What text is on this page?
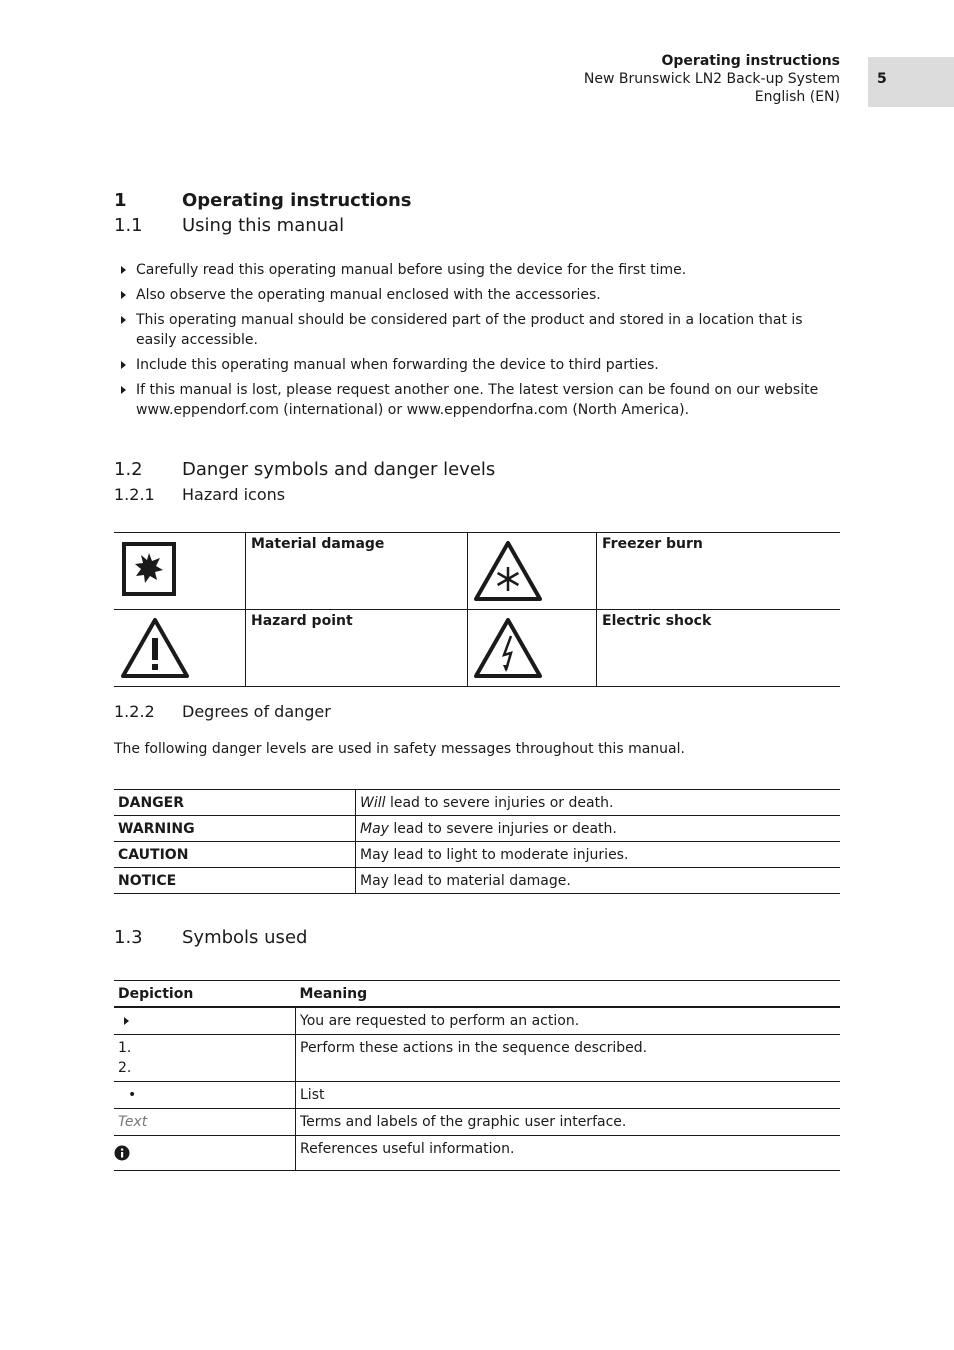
Operating instructions
New Brunswick LN2 Back-up System
English (EN)
5
1	Operating instructions
1.1 Using this manual
Carefully read this operating manual before using the device for the first time.
Also observe the operating manual enclosed with the accessories.
This operating manual should be considered part of the product and stored in a location that is easily accessible.
Include this operating manual when forwarding the device to third parties.
If this manual is lost, please request another one. The latest version can be found on our website www.eppendorf.com (international) or www.eppendorfna.com (North America).
1.2 Danger symbols and danger levels
1.2.1 Hazard icons
	Material damage		Freezer burn
	Hazard point		Electric shock
1.2.2 Degrees of danger
The following danger levels are used in safety messages throughout this manual.
DANGER	Will lead to severe injuries or death.
WARNING	May lead to severe injuries or death.
CAUTION	May lead to light to moderate injuries.
NOTICE	May lead to material damage.
1.3 Symbols used
Depiction	Meaning
	You are requested to perform an action.

1.
2.	Perform these actions in the sequence described.
•	List
Text	Terms and labels of the graphic user interface.
	References useful information.
